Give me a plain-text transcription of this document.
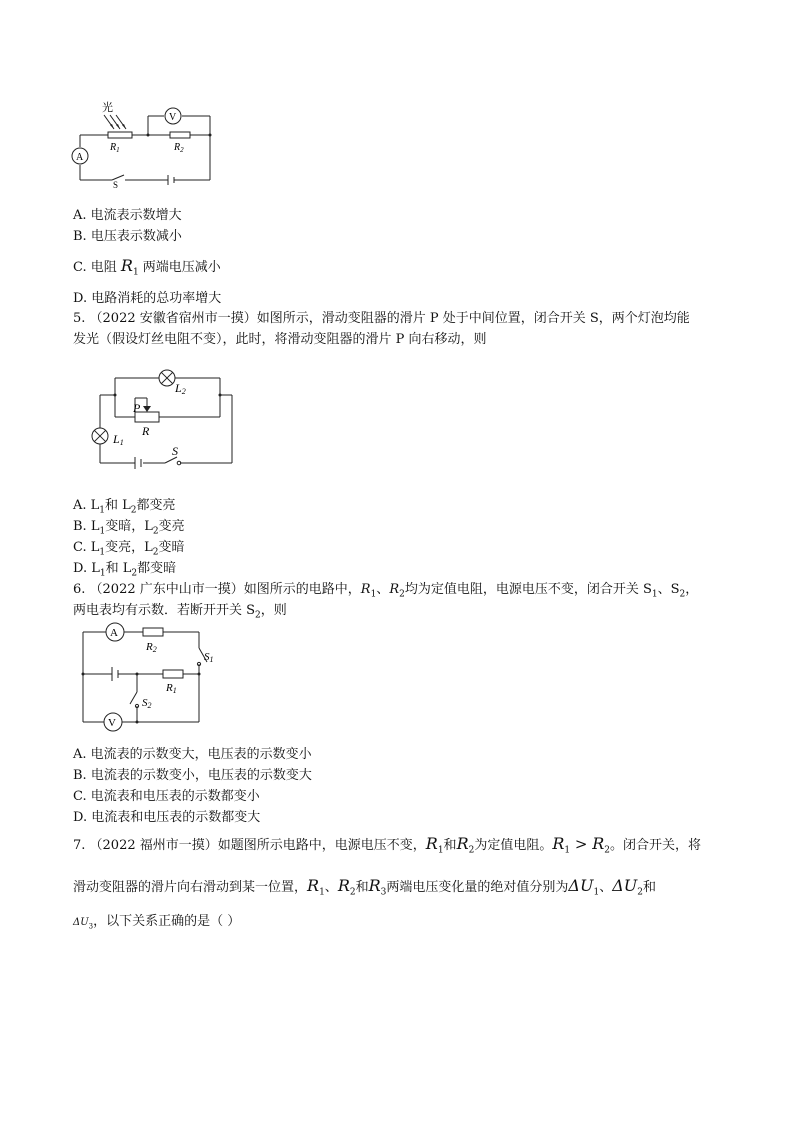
光
V
A
$R_1$	$R_2$
S
A. 电流表示数增大
B. 电压表示数减小
C. 电阻 $R_1$ 两端电压减小
D. 电路消耗的总功率增大
5. （2022 安徽省宿州市一摸）如图所示，滑动变阻器的滑片 P 处于中间位置，闭合开关 S，两个灯泡均能
发光（假设灯丝电阻不变），此时，将滑动变阻器的滑片 P 向右移动，则
L2
P
R
L1
S
A. $L_1$和 $L_2$都变亮
B. $L_1$变暗，$L_2$变亮
C. $L_1$变亮，$L_2$变暗
D. $L_1$和 $L_2$都变暗
6. （2022 广东中山市一摸）如图所示的电路中，$R_1$、$R_2$均为定值电阻，电源电压不变，闭合开关 $S_1$、$S_2$，
两电表均有示数．若断开开关 $S_2$，则
A
V
R2
S1
R1
S2
A. 电流表的示数变大，电压表的示数变小
B. 电流表的示数变小，电压表的示数变大
C. 电流表和电压表的示数都变小
D. 电流表和电压表的示数都变大
7. （2022 福州市一摸）如题图所示电路中，电源电压不变，$R_1$和$R_2$为定值电阻。$R_1 > R_2$。闭合开关，将
滑动变阻器的滑片向右滑动到某一位置，$R_1$、$R_2$和$R_3$两端电压变化量的绝对值分别为$\Delta U_1$、$\Delta U_2$和
$\Delta U_3$，以下关系正确的是（ ）
